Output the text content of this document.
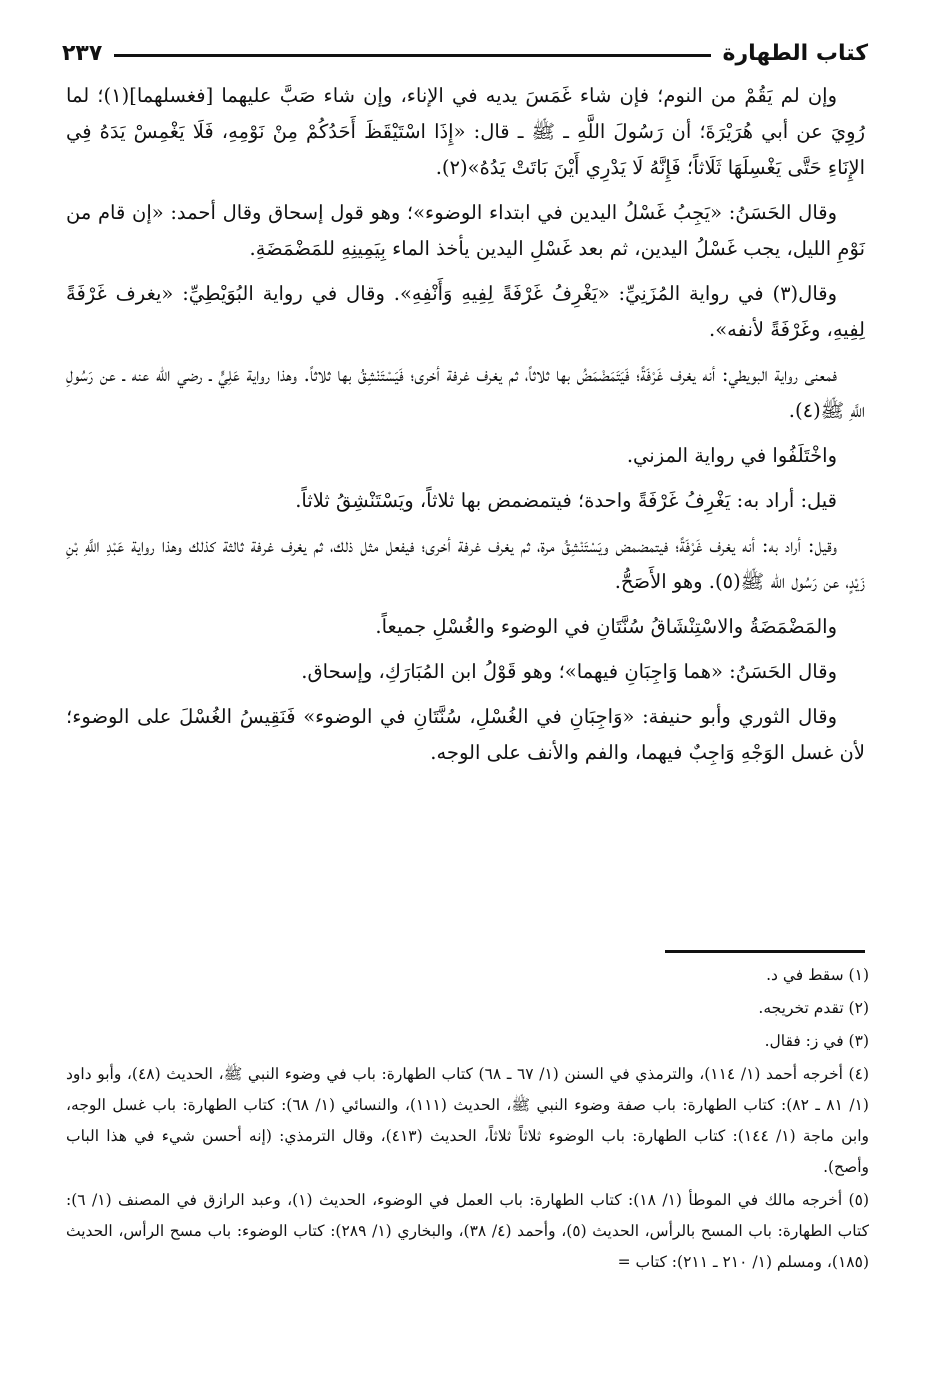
كتاب الطهارة
٢٣٧

وإن لم يَقُمْ من النوم؛ فإن شاء غَمَسَ يديه في الإناء، وإن شاء صَبَّ عليهما [فغسلهما](١)؛ لما رُوِيَ عن أبي هُرَيْرَةَ؛ أن رَسُولَ اللَّهِ ـ ﷺ ـ قال: «إِذَا اسْتَيْقَظَ أَحَدُكُمْ مِنْ نَوْمِهِ، فَلَا يَغْمِسْ يَدَهُ فِي الإِنَاءِ حَتَّى يَغْسِلَهَا ثَلَاثاً؛ فَإِنَّهُ لَا يَدْرِي أَيْنَ بَاتَتْ يَدُهُ»(٢).

وقال الحَسَنُ: «يَجِبُ غَسْلُ اليدين في ابتداء الوضوء»؛ وهو قول إسحاق وقال أحمد: «إن قام من نَوْمِ الليل، يجب غَسْلُ اليدين، ثم بعد غَسْلِ اليدين يأخذ الماء بِيَمِينِهِ للمَضْمَضَةِ.

وقال(٣) في رواية المُزَنِيِّ: «يَغْرِفُ غَرْفَةً لِفِيهِ وَأَنْفِهِ». وقال في رواية البُوَيْطِيِّ: «يغرف غَرْفَةً لِفِيهِ، وغَرْفَةً لأنفه».

فمعنى رواية البويطي: أنه يغرف غَرْفَةً؛ فَيَتَمَضْمَضُ بها ثلاثاً، ثم يغرف غرفة أخرى؛ فَيَسْتَنْشِقُ بها ثلاثاً. وهذا رواية عَلِيٍّ ـ رضي الله عنه ـ عن رَسُولِ اللَّهِ ﷺ(٤).

واخْتَلَفُوا في رواية المزني.

قيل: أراد به: يَغْرِفُ غَرْفَةً واحدة؛ فيتمضمض بها ثلاثاً، ويَسْتَنْشِقُ ثلاثاً.

وقيل: أراد به: أنه يغرف غَرْفَةً؛ فيتمضمض ويَسْتَنْشِقُ مرة، ثم يغرف غرفة أخرى؛ فيفعل مثل ذلك، ثم يغرف غرفة ثالثة كذلك وهذا رواية عَبْدِ اللَّهِ بْنِ زَيْدٍ، عن رَسُول الله ﷺ(٥). وهو الأَصَحُّ.

والمَضْمَضَةُ والاسْتِنْشَاقُ سُنَّتَانِ في الوضوء والغُسْلِ جميعاً.

وقال الحَسَنُ: «هما وَاجِبَانِ فيهما»؛ وهو قَوْلُ ابن المُبَارَكِ، وإسحاق.

وقال الثوري وأبو حنيفة: «وَاجِبَانِ في الغُسْلِ، سُنَّتَانِ في الوضوء» فَنَقِيسُ الغُسْلَ على الوضوء؛ لأن غسل الوَجْهِ وَاجِبٌ فيهما، والفم والأنف على الوجه.

(١) سقط في د.

(٢) تقدم تخريجه.

(٣) في ز: فقال.

(٤) أخرجه أحمد (١/ ١١٤)، والترمذي في السنن (١/ ٦٧ ـ ٦٨) كتاب الطهارة: باب في وضوء النبي ﷺ، الحديث (٤٨)، وأبو داود (١/ ٨١ ـ ٨٢): كتاب الطهارة: باب صفة وضوء النبي ﷺ، الحديث (١١١)، والنسائي (١/ ٦٨): كتاب الطهارة: باب غسل الوجه، وابن ماجة (١/ ١٤٤): كتاب الطهارة: باب الوضوء ثلاثاً ثلاثاً، الحديث (٤١٣)، وقال الترمذي: (إنه أحسن شيء في هذا الباب وأصح).

(٥) أخرجه مالك في الموطأ (١/ ١٨): كتاب الطهارة: باب العمل في الوضوء، الحديث (١)، وعبد الرازق في المصنف (١/ ٦): كتاب الطهارة: باب المسح بالرأس، الحديث (٥)، وأحمد (٤/ ٣٨)، والبخاري (١/ ٢٨٩): كتاب الوضوء: باب مسح الرأس، الحديث (١٨٥)، ومسلم (١/ ٢١٠ ـ ٢١١): كتاب =
